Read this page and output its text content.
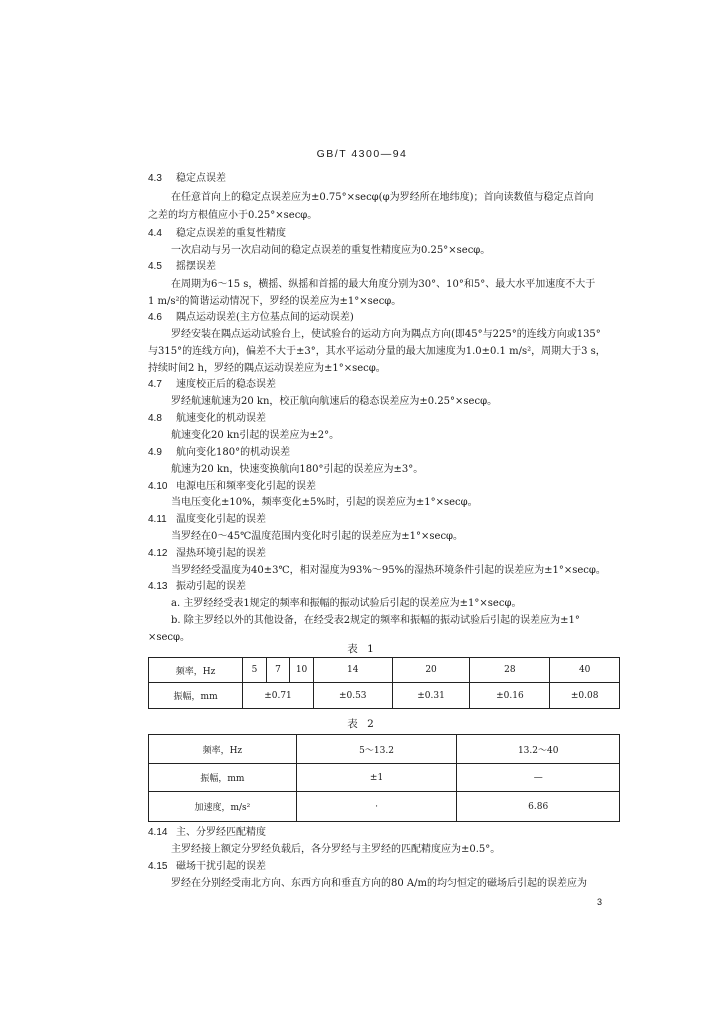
GB/T 4300—94
4.3 稳定点误差
在任意首向上的稳定点误差应为±0.75°×secφ(φ为罗经所在地纬度)；首向读数值与稳定点首向
之差的均方根值应小于0.25°×secφ。
4.4 稳定点误差的重复性精度
一次启动与另一次启动间的稳定点误差的重复性精度应为0.25°×secφ。
4.5 摇摆误差
在周期为6～15 s，横摇、纵摇和首摇的最大角度分别为30°、10°和5°、最大水平加速度不大于
1 m/s²的简谐运动情况下，罗经的误差应为±1°×secφ。
4.6 隅点运动误差(主方位基点间的运动误差)
罗经安装在隅点运动试验台上，使试验台的运动方向为隅点方向(即45°与225°的连线方向或135°
与315°的连线方向)，偏差不大于±3°，其水平运动分量的最大加速度为1.0±0.1 m/s²，周期大于3 s，
持续时间2 h，罗经的隅点运动误差应为±1°×secφ。
4.7 速度校正后的稳态误差
罗经航速航速为20 kn，校正航向航速后的稳态误差应为±0.25°×secφ。
4.8 航速变化的机动误差
航速变化20 kn引起的误差应为±2°。
4.9 航向变化180°的机动误差
航速为20 kn，快速变换航向180°引起的误差应为±3°。
4.10 电源电压和频率变化引起的误差
当电压变化±10%，频率变化±5%时，引起的误差应为±1°×secφ。
4.11 温度变化引起的误差
当罗经在0～45℃温度范围内变化时引起的误差应为±1°×secφ。
4.12 湿热环境引起的误差
当罗经经受温度为40±3℃，相对湿度为93%～95%的湿热环境条件引起的误差应为±1°×secφ。
4.13 振动引起的误差
a. 主罗经经受表1规定的频率和振幅的振动试验后引起的误差应为±1°×secφ。
b. 除主罗经以外的其他设备，在经受表2规定的频率和振幅的振动试验后引起的误差应为±1°
×secφ。
表 1
频率，Hz	5	7	10	14	20	28	40
振幅，mm	±0.71			±0.53	±0.31	±0.16	±0.08
表 2
频率，Hz	5～13.2	13.2～40
振幅，mm	±1	—
加速度，m/s²	·	6.86
4.14 主、分罗经匹配精度
主罗经接上额定分罗经负载后，各分罗经与主罗经的匹配精度应为±0.5°。
4.15 磁场干扰引起的误差
罗经在分别经受南北方向、东西方向和垂直方向的80 A/m的均匀恒定的磁场后引起的误差应为
3
